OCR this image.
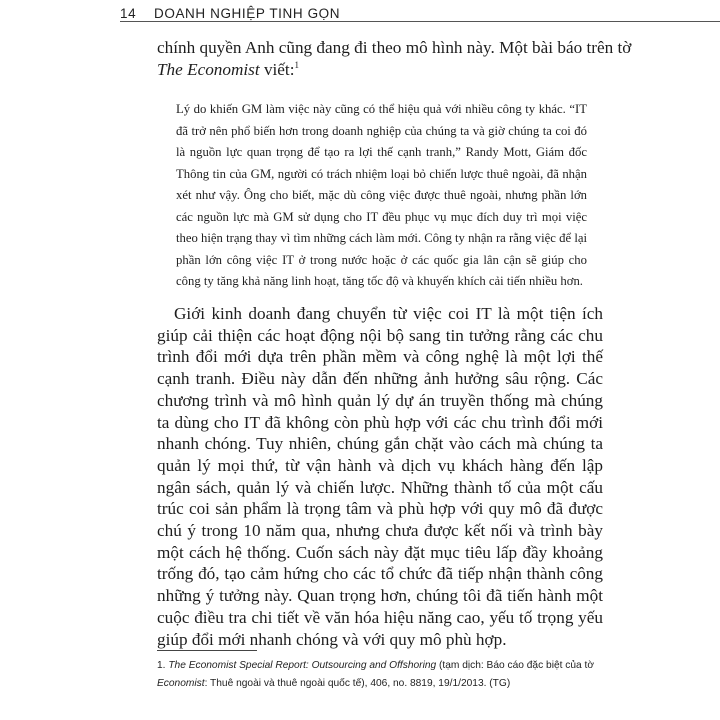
14 DOANH NGHIỆP TINH GỌN

chính quyền Anh cũng đang đi theo mô hình này. Một bài báo trên tờ
The Economist viết:$^1$

Lý do khiến GM làm việc này cũng có thể hiệu quả với nhiều công ty khác. “IT đã trở nên phổ biến hơn trong doanh nghiệp của chúng ta và giờ chúng ta coi đó là nguồn lực quan trọng để tạo ra lợi thế cạnh tranh,” Randy Mott, Giám đốc Thông tin của GM, người có trách nhiệm loại bỏ chiến lược thuê ngoài, đã nhận xét như vậy. Ông cho biết, mặc dù công việc được thuê ngoài, nhưng phần lớn các nguồn lực mà GM sử dụng cho IT đều phục vụ mục đích duy trì mọi việc theo hiện trạng thay vì tìm những cách làm mới. Công ty nhận ra rằng việc để lại phần lớn công việc IT ở trong nước hoặc ở các quốc gia lân cận sẽ giúp cho công ty tăng khả năng linh hoạt, tăng tốc độ và khuyến khích cải tiến nhiều hơn.

Giới kinh doanh đang chuyển từ việc coi IT là một tiện ích giúp cải thiện các hoạt động nội bộ sang tin tưởng rằng các chu trình đổi mới dựa trên phần mềm và công nghệ là một lợi thế cạnh tranh. Điều này dẫn đến những ảnh hưởng sâu rộng. Các chương trình và mô hình quản lý dự án truyền thống mà chúng ta dùng cho IT đã không còn phù hợp với các chu trình đổi mới nhanh chóng. Tuy nhiên, chúng gắn chặt vào cách mà chúng ta quản lý mọi thứ, từ vận hành và dịch vụ khách hàng đến lập ngân sách, quản lý và chiến lược. Những thành tố của một cấu trúc coi sản phẩm là trọng tâm và phù hợp với quy mô đã được chú ý trong 10 năm qua, nhưng chưa được kết nối và trình bày một cách hệ thống. Cuốn sách này đặt mục tiêu lấp đầy khoảng trống đó, tạo cảm hứng cho các tổ chức đã tiếp nhận thành công những ý tưởng này. Quan trọng hơn, chúng tôi đã tiến hành một cuộc điều tra chi tiết về văn hóa hiệu năng cao, yếu tố trọng yếu giúp đổi mới nhanh chóng và với quy mô phù hợp.

1. The Economist Special Report: Outsourcing and Offshoring (tạm dịch: Báo cáo đặc biệt của tờ Economist: Thuê ngoài và thuê ngoài quốc tế), 406, no. 8819, 19/1/2013. (TG)
